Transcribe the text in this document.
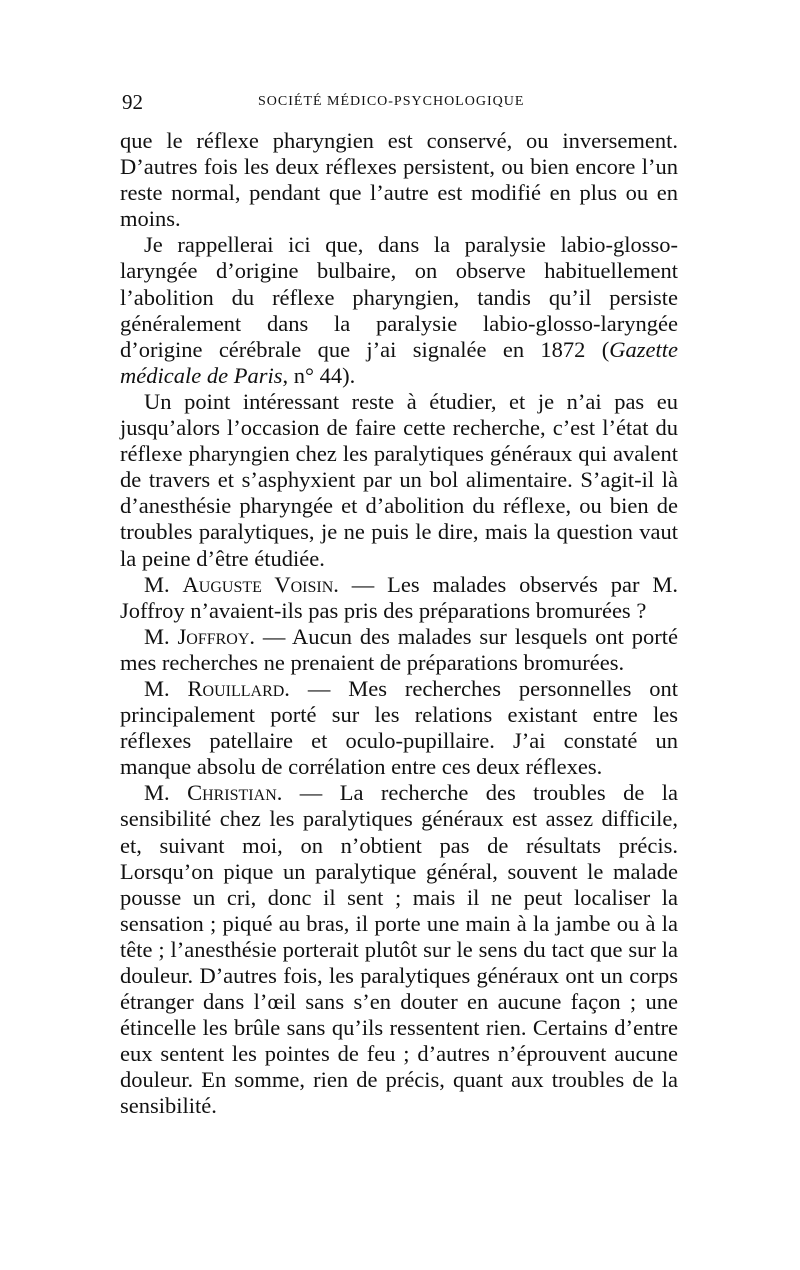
92	SOCIÉTÉ MÉDICO-PSYCHOLOGIQUE

que le réflexe pharyngien est conservé, ou inversement. D’autres fois les deux réflexes persistent, ou bien encore l’un reste normal, pendant que l’autre est modifié en plus ou en moins.

Je rappellerai ici que, dans la paralysie labio-glosso-laryngée d’origine bulbaire, on observe habituellement l’abolition du réflexe pharyngien, tandis qu’il persiste généralement dans la paralysie labio-glosso-laryngée d’origine cérébrale que j’ai signalée en 1872 (Gazette médicale de Paris, n° 44).

Un point intéressant reste à étudier, et je n’ai pas eu jusqu’alors l’occasion de faire cette recherche, c’est l’état du réflexe pharyngien chez les paralytiques généraux qui avalent de travers et s’asphyxient par un bol alimentaire. S’agit-il là d’anesthésie pharyngée et d’abolition du réflexe, ou bien de troubles paralytiques, je ne puis le dire, mais la question vaut la peine d’être étudiée.

M. Auguste Voisin. — Les malades observés par M. Joffroy n’avaient-ils pas pris des préparations bromurées ?

M. Joffroy. — Aucun des malades sur lesquels ont porté mes recherches ne prenaient de préparations bromurées.

M. Rouillard. — Mes recherches personnelles ont principalement porté sur les relations existant entre les réflexes patellaire et oculo-pupillaire. J’ai constaté un manque absolu de corrélation entre ces deux réflexes.

M. Christian. — La recherche des troubles de la sensibilité chez les paralytiques généraux est assez difficile, et, suivant moi, on n’obtient pas de résultats précis. Lorsqu’on pique un paralytique général, souvent le malade pousse un cri, donc il sent ; mais il ne peut localiser la sensation ; piqué au bras, il porte une main à la jambe ou à la tête ; l’anesthésie porterait plutôt sur le sens du tact que sur la douleur. D’autres fois, les paralytiques généraux ont un corps étranger dans l’œil sans s’en douter en aucune façon ; une étincelle les brûle sans qu’ils ressentent rien. Certains d’entre eux sentent les pointes de feu ; d’autres n’éprouvent aucune douleur. En somme, rien de précis, quant aux troubles de la sensibilité.
